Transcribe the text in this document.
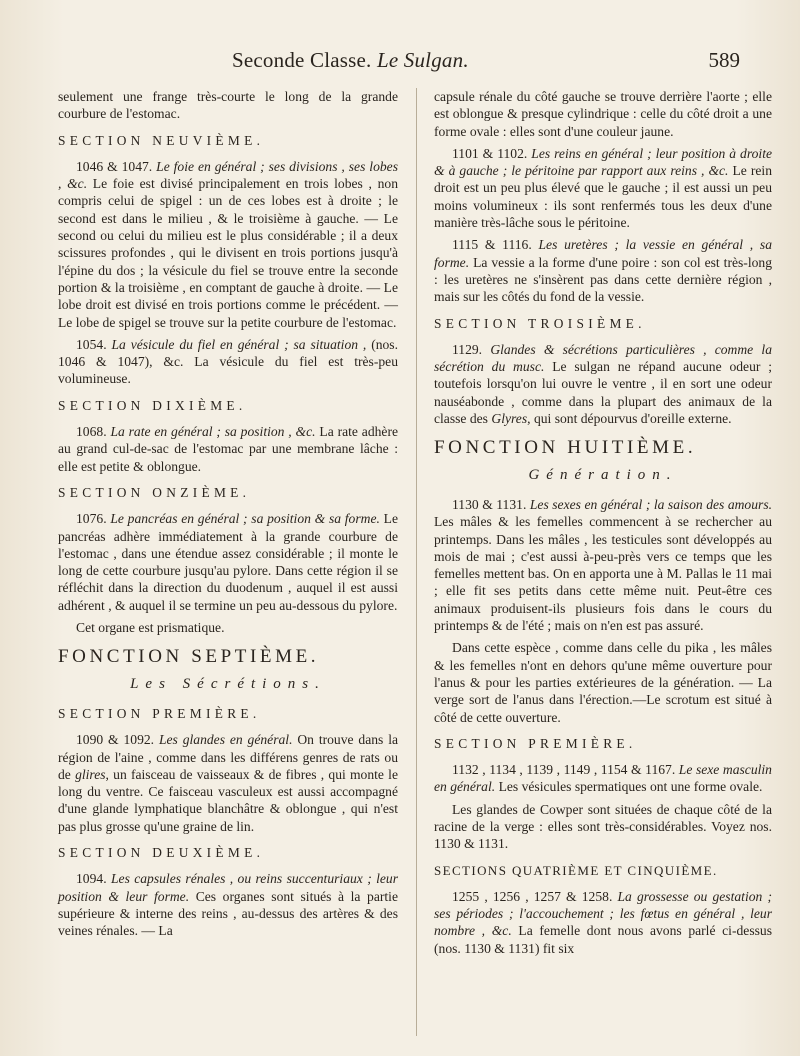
Seconde Classe. Le Sulgan.	589

seulement une frange très-courte le long de la grande courbure de l'estomac.

SECTION NEUVIÈME.

1046 & 1047. Le foie en général ; ses divisions , ses lobes , &c. Le foie est divisé principalement en trois lobes , non compris celui de spigel : un de ces lobes est à droite ; le second est dans le milieu , & le troisième à gauche. — Le second ou celui du milieu est le plus considérable ; il a deux scissures profondes , qui le divisent en trois portions jusqu'à l'épine du dos ; la vésicule du fiel se trouve entre la seconde portion & la troisième , en comptant de gauche à droite. — Le lobe droit est divisé en trois portions comme le précédent. — Le lobe de spigel se trouve sur la petite courbure de l'estomac.

1054. La vésicule du fiel en général ; sa situation , (nos. 1046 & 1047), &c. La vésicule du fiel est très-peu volumineuse.

SECTION DIXIÈME.

1068. La rate en général ; sa position , &c. La rate adhère au grand cul-de-sac de l'estomac par une membrane lâche : elle est petite & oblongue.

SECTION ONZIÈME.

1076. Le pancréas en général ; sa position & sa forme. Le pancréas adhère immédiatement à la grande courbure de l'estomac , dans une étendue assez considérable ; il monte le long de cette courbure jusqu'au pylore. Dans cette région il se réfléchit dans la direction du duodenum , auquel il est aussi adhérent , & auquel il se termine un peu au-dessous du pylore.

Cet organe est prismatique.

FONCTION SEPTIÈME.
Les Sécrétions.
SECTION PREMIÈRE.

1090 & 1092. Les glandes en général. On trouve dans la région de l'aine , comme dans les différens genres de rats ou de glires, un faisceau de vaisseaux & de fibres , qui monte le long du ventre. Ce faisceau vasculeux est aussi accompagné d'une glande lymphatique blanchâtre & oblongue , qui n'est pas plus grosse qu'une graine de lin.

SECTION DEUXIÈME.

1094. Les capsules rénales , ou reins succenturiaux ; leur position & leur forme. Ces organes sont situés à la partie supérieure & interne des reins , au-dessus des artères & des veines rénales. — La

capsule rénale du côté gauche se trouve derrière l'aorte ; elle est oblongue & presque cylindrique : celle du côté droit a une forme ovale : elles sont d'une couleur jaune.

1101 & 1102. Les reins en général ; leur position à droite & à gauche ; le péritoine par rapport aux reins , &c. Le rein droit est un peu plus élevé que le gauche ; il est aussi un peu moins volumineux : ils sont renfermés tous les deux d'une manière très-lâche sous le péritoine.

1115 & 1116. Les uretères ; la vessie en général , sa forme. La vessie a la forme d'une poire : son col est très-long : les uretères ne s'insèrent pas dans cette dernière région , mais sur les côtés du fond de la vessie.

SECTION TROISIÈME.

1129. Glandes & sécrétions particulières , comme la sécrétion du musc. Le sulgan ne répand aucune odeur ; toutefois lorsqu'on lui ouvre le ventre , il en sort une odeur nauséabonde , comme dans la plupart des animaux de la classe des Glyres, qui sont dépourvus d'oreille externe.

FONCTION HUITIÈME.
Génération.

1130 & 1131. Les sexes en général ; la saison des amours. Les mâles & les femelles commencent à se rechercher au printemps. Dans les mâles , les testicules sont développés au mois de mai ; c'est aussi à-peu-près vers ce temps que les femelles mettent bas. On en apporta une à M. Pallas le 11 mai ; elle fit ses petits dans cette même nuit. Peut-être ces animaux produisent-ils plusieurs fois dans le cours du printemps & de l'été ; mais on n'en est pas assuré.

Dans cette espèce , comme dans celle du pika , les mâles & les femelles n'ont en dehors qu'une même ouverture pour l'anus & pour les parties extérieures de la génération. — La verge sort de l'anus dans l'érection.—Le scrotum est situé à côté de cette ouverture.

SECTION PREMIÈRE.

1132 , 1134 , 1139 , 1149 , 1154 & 1167. Le sexe masculin en général. Les vésicules spermatiques ont une forme ovale.

Les glandes de Cowper sont situées de chaque côté de la racine de la verge : elles sont très-considérables. Voyez nos. 1130 & 1131.

SECTIONS QUATRIÈME ET CINQUIÈME.

1255 , 1256 , 1257 & 1258. La grossesse ou gestation ; ses périodes ; l'accouchement ; les fœtus en général , leur nombre , &c. La femelle dont nous avons parlé ci-dessus (nos. 1130 & 1131) fit six
